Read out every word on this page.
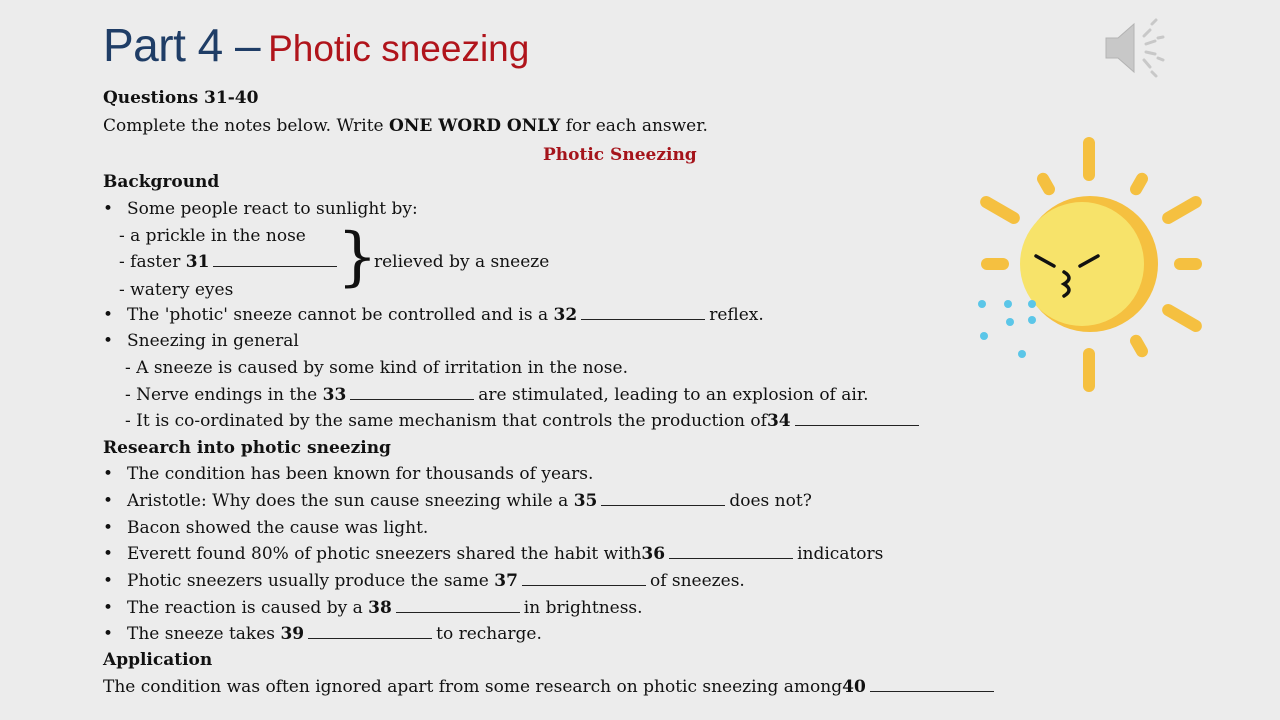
Part 4 – Photic sneezing
Questions 31-40
Complete the notes below. Write ONE WORD ONLY for each answer.
Photic Sneezing
Background
• Some people react to sunlight by:
- a prickle in the nose
- faster 31
- watery eyes }
relieved by a sneeze
• The 'photic' sneeze cannot be controlled and is a 32	reflex.
• Sneezing in general
- A sneeze is caused by some kind of irritation in the nose.
- Nerve endings in the 33	are stimulated, leading to an explosion of air.
- It is co-ordinated by the same mechanism that controls the production of34
Research into photic sneezing
• The condition has been known for thousands of years.
• Aristotle: Why does the sun cause sneezing while a 35	does not?
• Bacon showed the cause was light.
• Everett found 80% of photic sneezers shared the habit with36	indicators
• Photic sneezers usually produce the same 37	of sneezes.
• The reaction is caused by a 38	in brightness.
• The sneeze takes 39	to recharge.
Application
The condition was often ignored apart from some research on photic sneezing among40
